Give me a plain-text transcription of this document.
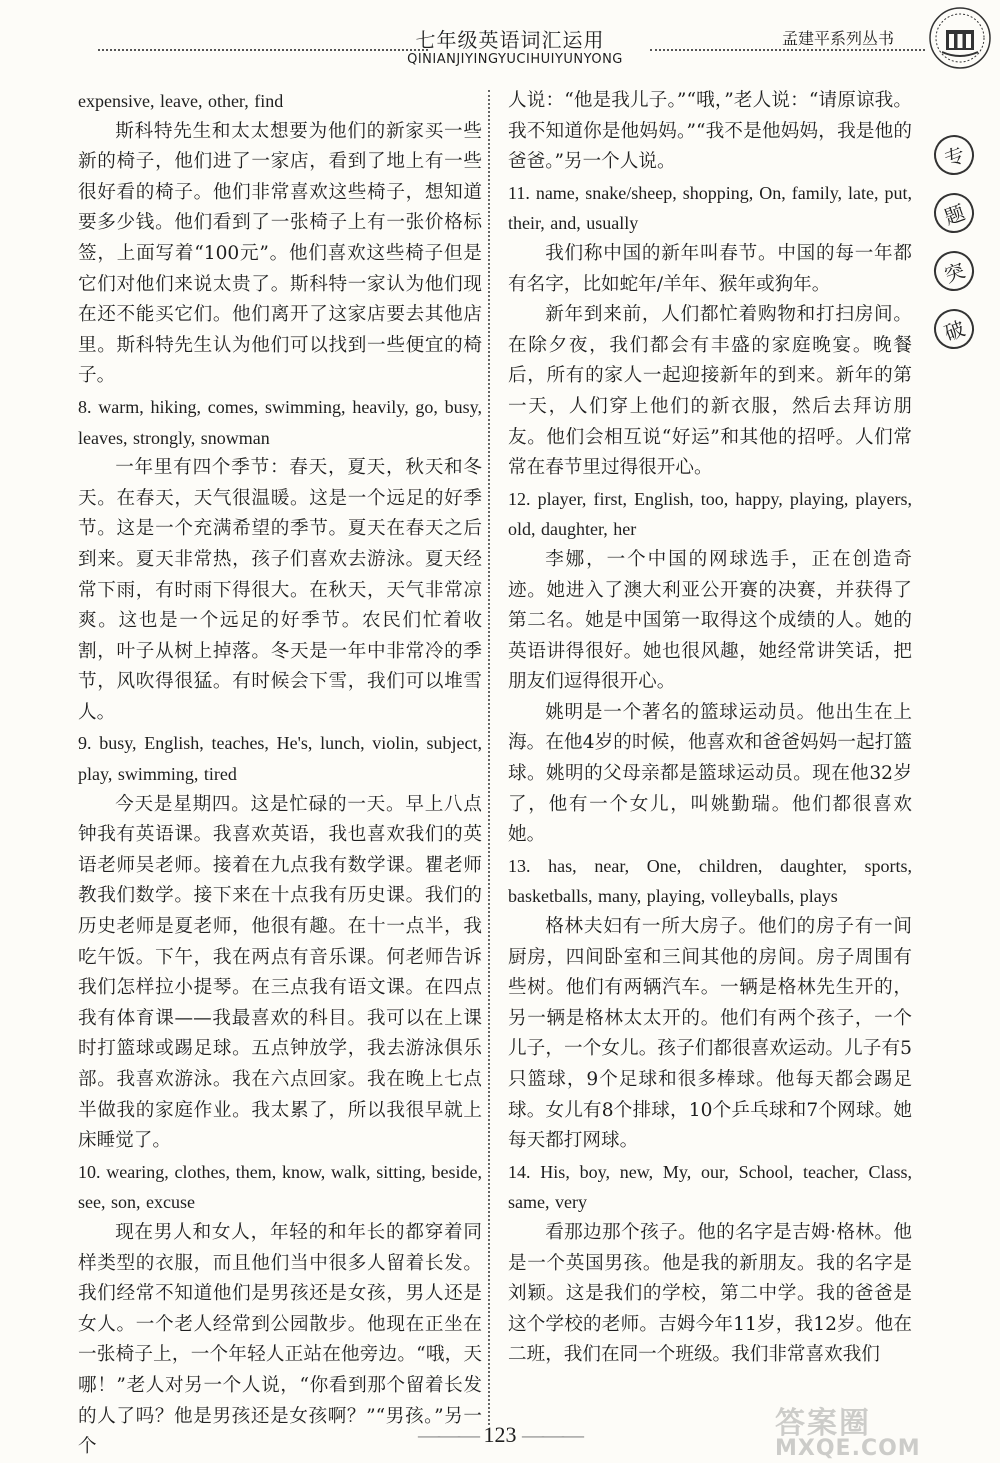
七年级英语词汇运用
QINIANJIYINGYUCIHUIYUNYONG
孟建平系列丛书
专
题
突
破

expensive, leave, other, find

斯科特先生和太太想要为他们的新家买一些新的椅子，他们进了一家店，看到了地上有一些很好看的椅子。他们非常喜欢这些椅子，想知道要多少钱。他们看到了一张椅子上有一张价格标签，上面写着“100元”。他们喜欢这些椅子但是它们对他们来说太贵了。斯科特一家认为他们现在还不能买它们。他们离开了这家店要去其他店里。斯科特先生认为他们可以找到一些便宜的椅子。

8. warm, hiking, comes, swimming, heavily, go, busy, leaves, strongly, snowman

一年里有四个季节：春天，夏天，秋天和冬天。在春天，天气很温暖。这是一个远足的好季节。这是一个充满希望的季节。夏天在春天之后到来。夏天非常热，孩子们喜欢去游泳。夏天经常下雨，有时雨下得很大。在秋天，天气非常凉爽。这也是一个远足的好季节。农民们忙着收割，叶子从树上掉落。冬天是一年中非常冷的季节，风吹得很猛。有时候会下雪，我们可以堆雪人。

9. busy, English, teaches, He's, lunch, violin, subject, play, swimming, tired

今天是星期四。这是忙碌的一天。早上八点钟我有英语课。我喜欢英语，我也喜欢我们的英语老师吴老师。接着在九点我有数学课。瞿老师教我们数学。接下来在十点我有历史课。我们的历史老师是夏老师，他很有趣。在十一点半，我吃午饭。下午，我在两点有音乐课。何老师告诉我们怎样拉小提琴。在三点我有语文课。在四点我有体育课——我最喜欢的科目。我可以在上课时打篮球或踢足球。五点钟放学，我去游泳俱乐部。我喜欢游泳。我在六点回家。我在晚上七点半做我的家庭作业。我太累了，所以我很早就上床睡觉了。

10. wearing, clothes, them, know, walk, sitting, beside, see, son, excuse

现在男人和女人，年轻的和年长的都穿着同样类型的衣服，而且他们当中很多人留着长发。我们经常不知道他们是男孩还是女孩，男人还是女人。一个老人经常到公园散步。他现在正坐在一张椅子上，一个年轻人正站在他旁边。“哦，天哪！”老人对另一个人说，“你看到那个留着长发的人了吗？他是男孩还是女孩啊？”“男孩。”另一个

人说：“他是我儿子。”“哦，”老人说：“请原谅我。我不知道你是他妈妈。”“我不是他妈妈，我是他的爸爸。”另一个人说。

11. name, snake/sheep, shopping, On, family, late, put, their, and, usually

我们称中国的新年叫春节。中国的每一年都有名字，比如蛇年/羊年、猴年或狗年。

新年到来前，人们都忙着购物和打扫房间。在除夕夜，我们都会有丰盛的家庭晚宴。晚餐后，所有的家人一起迎接新年的到来。新年的第一天，人们穿上他们的新衣服，然后去拜访朋友。他们会相互说“好运”和其他的招呼。人们常常在春节里过得很开心。

12. player, first, English, too, happy, playing, players, old, daughter, her

李娜，一个中国的网球选手，正在创造奇迹。她进入了澳大利亚公开赛的决赛，并获得了第二名。她是中国第一取得这个成绩的人。她的英语讲得很好。她也很风趣，她经常讲笑话，把朋友们逗得很开心。

姚明是一个著名的篮球运动员。他出生在上海。在他4岁的时候，他喜欢和爸爸妈妈一起打篮球。姚明的父母亲都是篮球运动员。现在他32岁了，他有一个女儿，叫姚勤瑞。他们都很喜欢她。

13. has, near, One, children, daughter, sports, basketballs, many, playing, volleyballs, plays

格林夫妇有一所大房子。他们的房子有一间厨房，四间卧室和三间其他的房间。房子周围有些树。他们有两辆汽车。一辆是格林先生开的，另一辆是格林太太开的。他们有两个孩子，一个儿子，一个女儿。孩子们都很喜欢运动。儿子有5只篮球，9个足球和很多棒球。他每天都会踢足球。女儿有8个排球，10个乒乓球和7个网球。她每天都打网球。

14. His, boy, new, My, our, School, teacher, Class, same, very

看那边那个孩子。他的名字是吉姆·格林。他是一个英国男孩。他是我的新朋友。我的名字是刘颖。这是我们的学校，第二中学。我的爸爸是这个学校的老师。吉姆今年11岁，我12岁。他在二班，我们在同一个班级。我们非常喜欢我们

——— 123 ———	答案圈
MXQE.COM
